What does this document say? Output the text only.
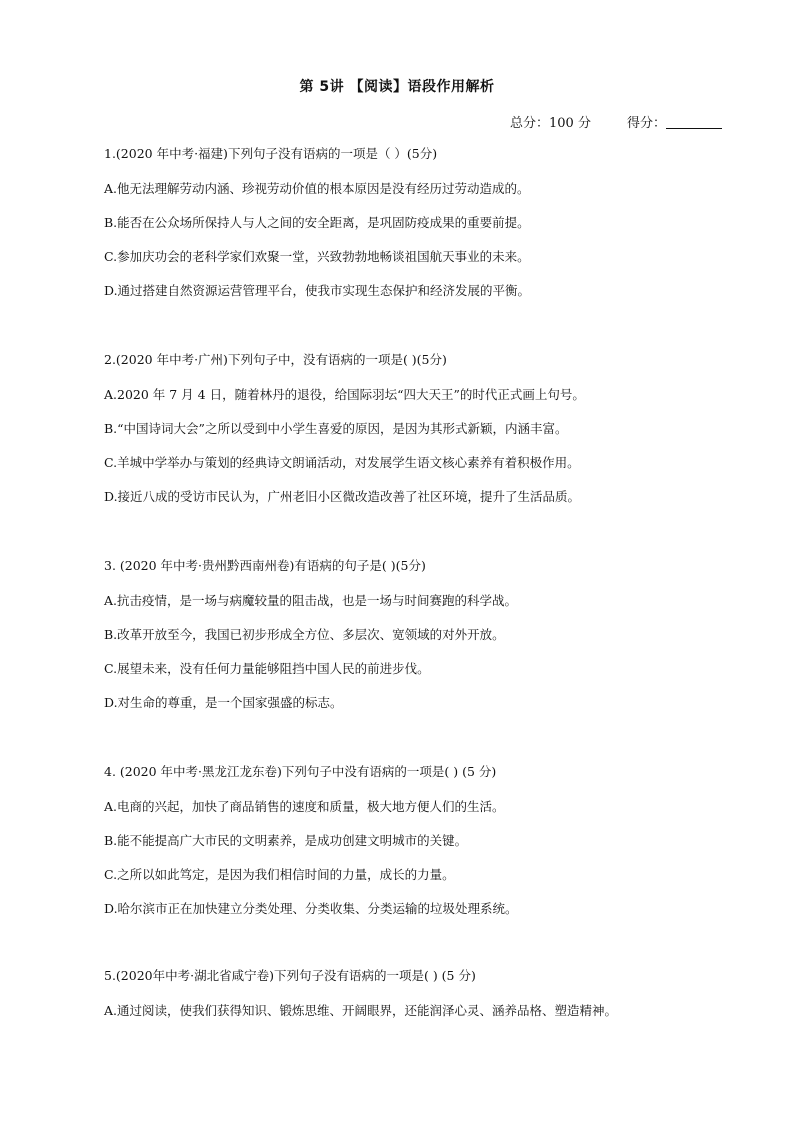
第 5讲 【阅读】语段作用解析
总分：100 分	得分：
1.(2020 年中考·福建)下列句子没有语病的一项是（ ）(5分)
A.他无法理解劳动内涵、珍视劳动价值的根本原因是没有经历过劳动造成的。
B.能否在公众场所保持人与人之间的安全距离，是巩固防疫成果的重要前提。
C.参加庆功会的老科学家们欢聚一堂，兴致勃勃地畅谈祖国航天事业的未来。
D.通过搭建自然资源运营管理平台，使我市实现生态保护和经济发展的平衡。
2.(2020 年中考·广州)下列句子中，没有语病的一项是( )(5分)
A.2020 年 7 月 4 日，随着林丹的退役，给国际羽坛“四大天王”的时代正式画上句号。
B.“中国诗词大会”之所以受到中小学生喜爱的原因，是因为其形式新颖，内涵丰富。
C.羊城中学举办与策划的经典诗文朗诵活动，对发展学生语文核心素养有着积极作用。
D.接近八成的受访市民认为，广州老旧小区微改造改善了社区环境，提升了生活品质。
3. (2020 年中考·贵州黔西南州卷)有语病的句子是( )(5分)
A.抗击疫情，是一场与病魔较量的阻击战，也是一场与时间赛跑的科学战。
B.改革开放至今，我国已初步形成全方位、多层次、宽领域的对外开放。
C.展望未来，没有任何力量能够阻挡中国人民的前进步伐。
D.对生命的尊重，是一个国家强盛的标志。
4. (2020 年中考·黑龙江龙东卷)下列句子中没有语病的一项是( ) (5 分)
A.电商的兴起，加快了商品销售的速度和质量，极大地方便人们的生活。
B.能不能提高广大市民的文明素养，是成功创建文明城市的关键。
C.之所以如此笃定，是因为我们相信时间的力量，成长的力量。
D.哈尔滨市正在加快建立分类处理、分类收集、分类运输的垃圾处理系统。
5.(2020年中考·湖北省咸宁卷)下列句子没有语病的一项是( ) (5 分)
A.通过阅读，使我们获得知识、锻炼思维、开阔眼界，还能润泽心灵、涵养品格、塑造精神。
